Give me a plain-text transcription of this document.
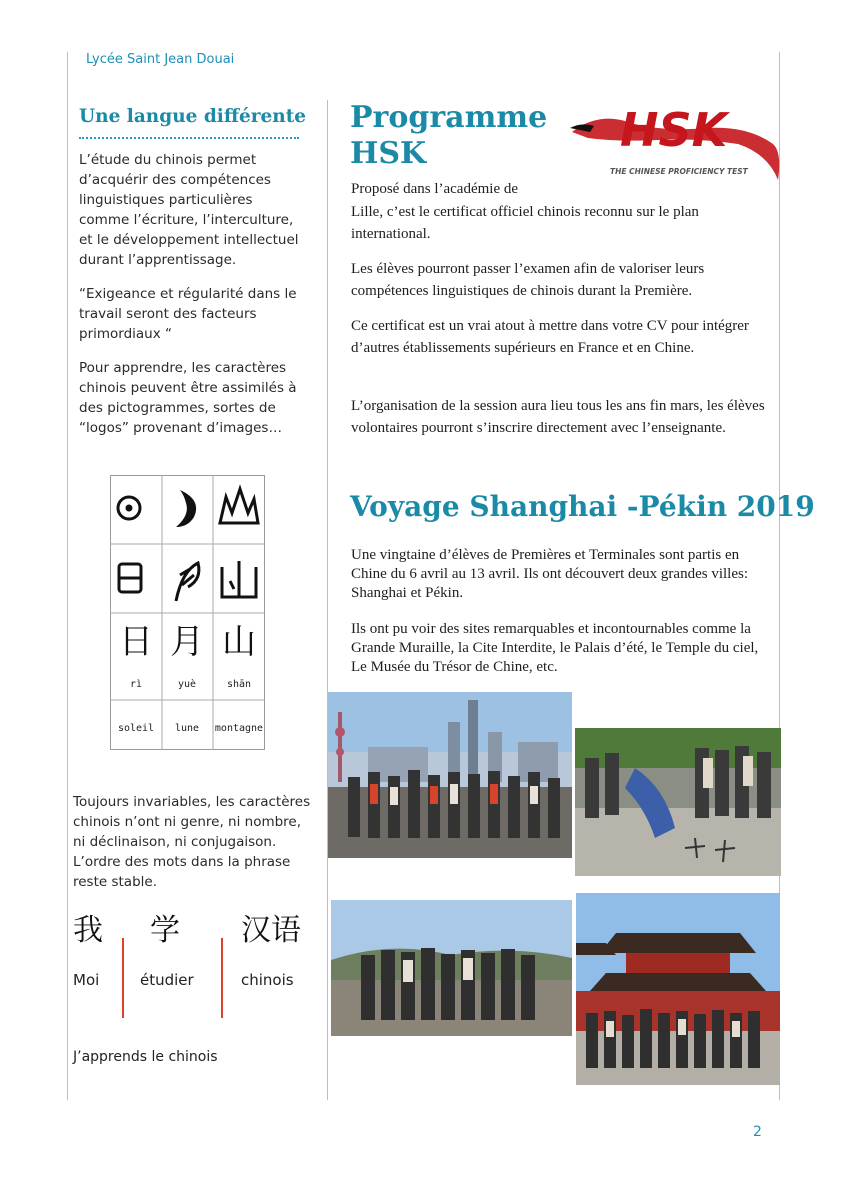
Lycée Saint Jean Douai
Une langue différente

L’étude du chinois permet d’acquérir des compétences linguistiques particulières comme l’écriture, l’interculture, et le développement intellectuel durant l’apprentissage.

“Exigeance et régularité dans le travail seront des facteurs primordiaux “

Pour apprendre, les caractères chinois peuvent être assimilés à des pictogrammes, sortes de “logos” provenant d’images…

日 月 山
rì	yuè	shān
soleil lune montagne

Toujours invariables, les caractères chinois n’ont ni genre, ni nombre, ni déclinaison, ni conjugaison. L’ordre des mots dans la phrase reste stable.

我 学 汉语
Moi	étudier	chinois
J’apprends le chinois
Programme
HSK	HSK
THE CHINESE PROFICIENCY TEST

Proposé dans l’académie de

Lille, c’est le certificat officiel chinois reconnu sur le plan international.

Les élèves pourront passer l’examen afin de valoriser leurs compétences linguistiques de chinois durant la Première.

Ce certificat est un vrai atout à mettre dans votre CV pour intégrer d’autres établissements supérieurs en France et en Chine.

L’organisation de la session aura lieu tous les ans fin mars, les élèves volontaires pourront s’inscrire directement avec l’enseignante.

Voyage Shanghai -Pékin 2019

Une vingtaine d’élèves de Premières et Terminales sont partis en Chine du 6 avril au 13 avril. Ils ont découvert deux grandes villes: Shanghai et Pékin.

Ils ont pu voir des sites remarquables et incontournables comme la Grande Muraille, la Cite Interdite, le Palais d’été, le Temple du ciel, Le Musée du Trésor de Chine, etc.

2
